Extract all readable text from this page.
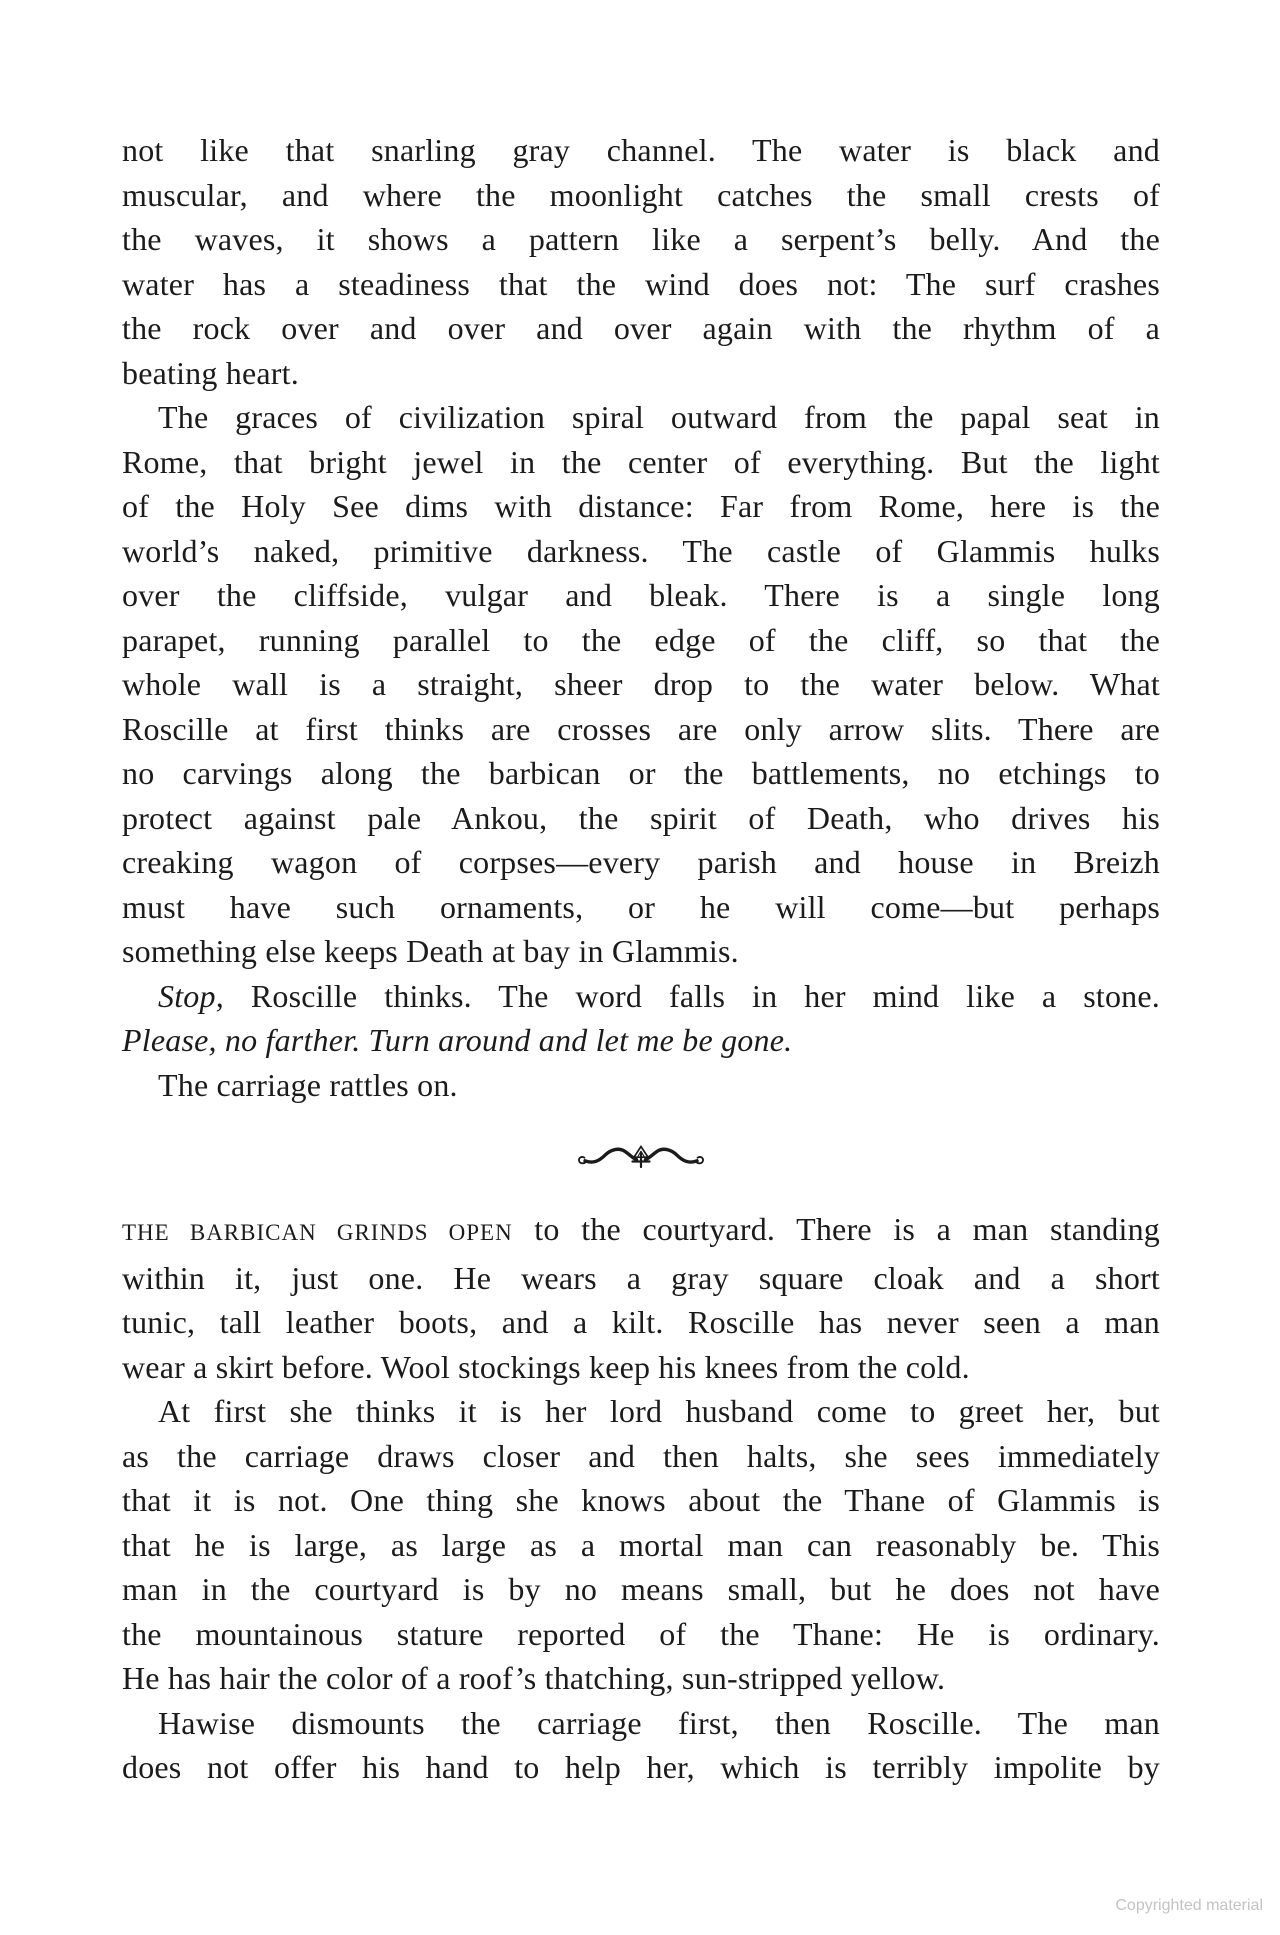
not like that snarling gray channel. The water is black and
muscular, and where the moonlight catches the small crests of
the waves, it shows a pattern like a serpent’s belly. And the
water has a steadiness that the wind does not: The surf crashes
the rock over and over and over again with the rhythm of a
beating heart.
The graces of civilization spiral outward from the papal seat in
Rome, that bright jewel in the center of everything. But the light
of the Holy See dims with distance: Far from Rome, here is the
world’s naked, primitive darkness. The castle of Glammis hulks
over the cliffside, vulgar and bleak. There is a single long
parapet, running parallel to the edge of the cliff, so that the
whole wall is a straight, sheer drop to the water below. What
Roscille at first thinks are crosses are only arrow slits. There are
no carvings along the barbican or the battlements, no etchings to
protect against pale Ankou, the spirit of Death, who drives his
creaking wagon of corpses—every parish and house in Breizh
must have such ornaments, or he will come—but perhaps
something else keeps Death at bay in Glammis.
Stop, Roscille thinks. The word falls in her mind like a stone.
Please, no farther. Turn around and let me be gone.
The carriage rattles on.
THE BARBICAN GRINDS OPEN to the courtyard. There is a man standing
within it, just one. He wears a gray square cloak and a short
tunic, tall leather boots, and a kilt. Roscille has never seen a man
wear a skirt before. Wool stockings keep his knees from the cold.
At first she thinks it is her lord husband come to greet her, but
as the carriage draws closer and then halts, she sees immediately
that it is not. One thing she knows about the Thane of Glammis is
that he is large, as large as a mortal man can reasonably be. This
man in the courtyard is by no means small, but he does not have
the mountainous stature reported of the Thane: He is ordinary.
He has hair the color of a roof’s thatching, sun-stripped yellow.
Hawise dismounts the carriage first, then Roscille. The man
does not offer his hand to help her, which is terribly impolite by
Copyrighted material
